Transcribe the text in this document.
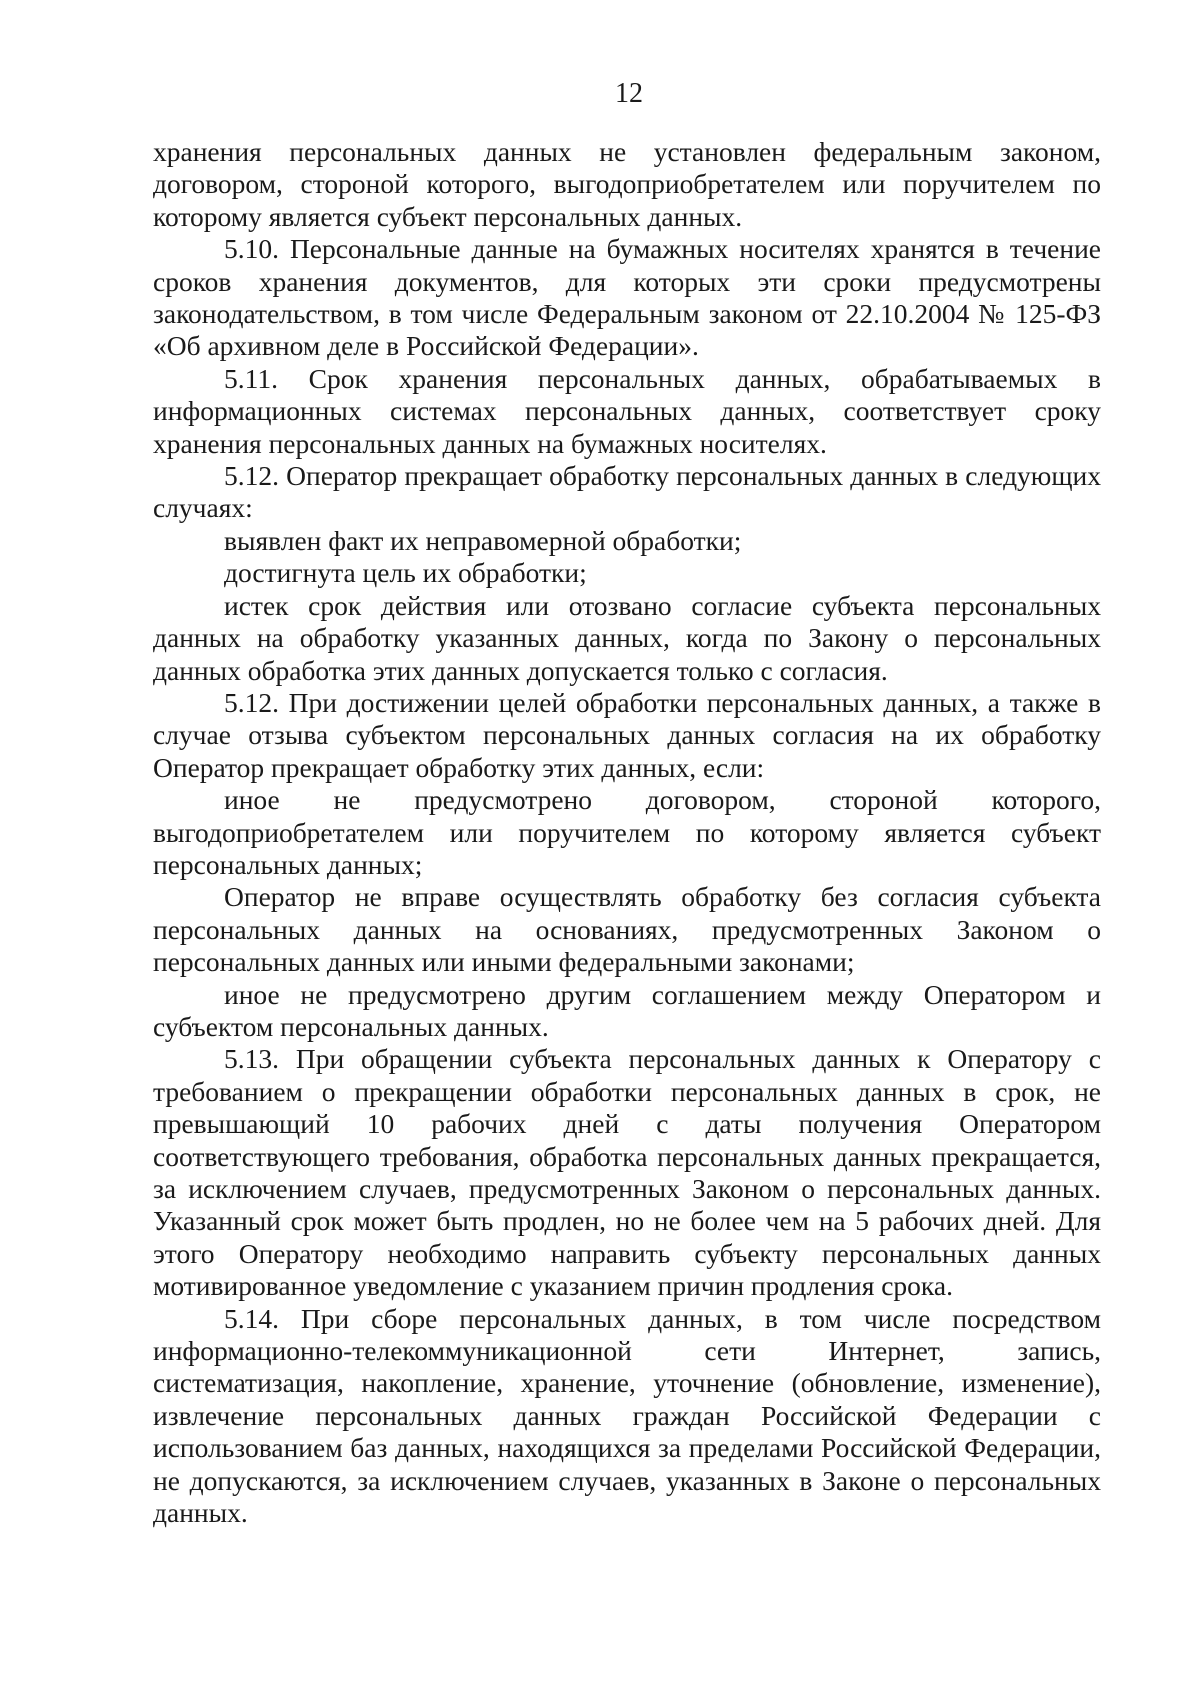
12

хранения персональных данных не установлен федеральным законом, договором, стороной которого, выгодоприобретателем или поручителем по которому является субъект персональных данных.

5.10. Персональные данные на бумажных носителях хранятся в течение сроков хранения документов, для которых эти сроки предусмотрены законодательством, в том числе Федеральным законом от 22.10.2004 № 125-ФЗ «Об архивном деле в Российской Федерации».

5.11. Срок хранения персональных данных, обрабатываемых в информационных системах персональных данных, соответствует сроку хранения персональных данных на бумажных носителях.

5.12. Оператор прекращает обработку персональных данных в следующих случаях:

выявлен факт их неправомерной обработки;

достигнута цель их обработки;

истек срок действия или отозвано согласие субъекта персональных данных на обработку указанных данных, когда по Закону о персональных данных обработка этих данных допускается только с согласия.

5.12. При достижении целей обработки персональных данных, а также в случае отзыва субъектом персональных данных согласия на их обработку Оператор прекращает обработку этих данных, если:

иное не предусмотрено договором, стороной которого, выгодоприобретателем или поручителем по которому является субъект персональных данных;

Оператор не вправе осуществлять обработку без согласия субъекта персональных данных на основаниях, предусмотренных Законом о персональных данных или иными федеральными законами;

иное не предусмотрено другим соглашением между Оператором и субъектом персональных данных.

5.13. При обращении субъекта персональных данных к Оператору с требованием о прекращении обработки персональных данных в срок, не превышающий 10 рабочих дней с даты получения Оператором соответствующего требования, обработка персональных данных прекращается, за исключением случаев, предусмотренных Законом о персональных данных. Указанный срок может быть продлен, но не более чем на 5 рабочих дней. Для этого Оператору необходимо направить субъекту персональных данных мотивированное уведомление с указанием причин продления срока.

5.14. При сборе персональных данных, в том числе посредством информационно-телекоммуникационной сети Интернет, запись, систематизация, накопление, хранение, уточнение (обновление, изменение), извлечение персональных данных граждан Российской Федерации с использованием баз данных, находящихся за пределами Российской Федерации, не допускаются, за исключением случаев, указанных в Законе о персональных данных.
